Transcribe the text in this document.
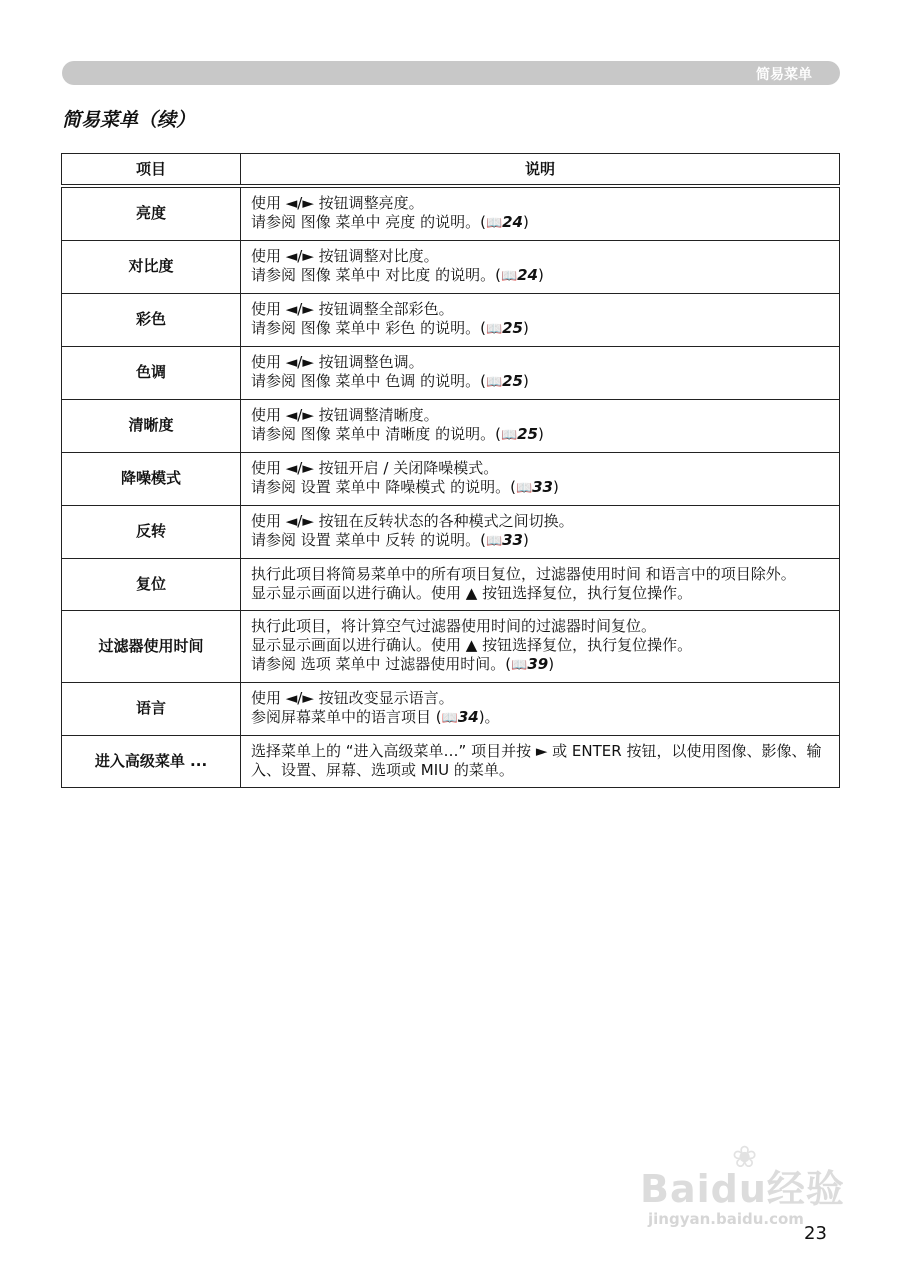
简易菜单
简易菜单（续）
项目	说明
亮度	使用 ◄/► 按钮调整亮度。
请参阅 图像 菜单中 亮度 的说明。(📖24)

对比度	使用 ◄/► 按钮调整对比度。
请参阅 图像 菜单中 对比度 的说明。(📖24)

彩色	使用 ◄/► 按钮调整全部彩色。
请参阅 图像 菜单中 彩色 的说明。(📖25)

色调	使用 ◄/► 按钮调整色调。
请参阅 图像 菜单中 色调 的说明。(📖25)

清晰度	使用 ◄/► 按钮调整清晰度。
请参阅 图像 菜单中 清晰度 的说明。(📖25)

降噪模式	使用 ◄/► 按钮开启 / 关闭降噪模式。
请参阅 设置 菜单中 降噪模式 的说明。(📖33)

反转	使用 ◄/► 按钮在反转状态的各种模式之间切换。
请参阅 设置 菜单中 反转 的说明。(📖33)

复位	执行此项目将简易菜单中的所有项目复位，过滤器使用时间 和语言中的项目除外。
显示显示画面以进行确认。使用 ▲ 按钮选择复位，执行复位操作。

过滤器使用时间	执行此项目，将计算空气过滤器使用时间的过滤器时间复位。
显示显示画面以进行确认。使用 ▲ 按钮选择复位，执行复位操作。
请参阅 选项 菜单中 过滤器使用时间。(📖39)

语言	使用 ◄/► 按钮改变显示语言。
参阅屏幕菜单中的语言项目 (📖34)。

进入高级菜单 ...	选择菜单上的 “进入高级菜单…” 项目并按 ► 或 ENTER 按钮，以使用图像、影像、输入、设置、屏幕、选项或 MIU 的菜单。
23
❀
Baidu经验
jingyan.baidu.com
